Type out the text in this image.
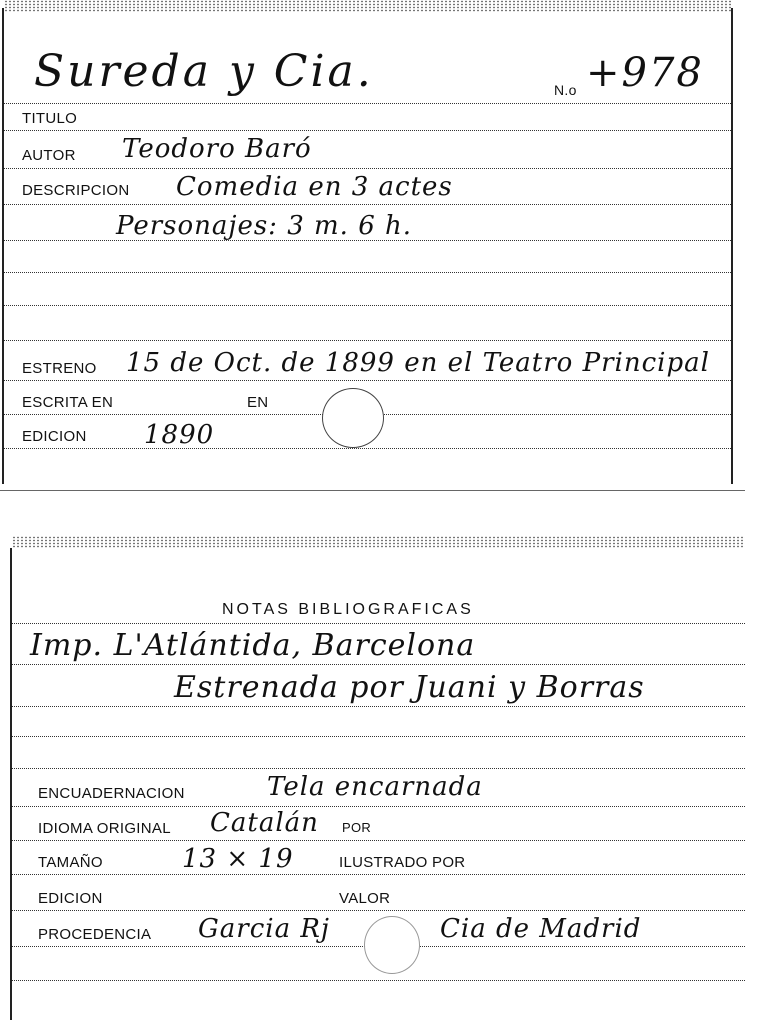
Sureda y Cia.	N.o +978
TITULO
AUTOR Teodoro Baró
DESCRIPCION Comedia en 3 actes
Personajes: 3 m. 6 h.
ESTRENO 15 de Oct. de 1899 en el Teatro Principal
ESCRITA EN	EN
EDICION 1890
NOTAS BIBLIOGRAFICAS
Imp. L'Atlántida, Barcelona
Estrenada por Juani y Borras
ENCUADERNACION	Tela encarnada
IDIOMA ORIGINAL Catalán POR
TAMAÑO	13 × 19	ILUSTRADO POR
EDICION	VALOR
PROCEDENCIA Garcia Rj	Cia de Madrid
